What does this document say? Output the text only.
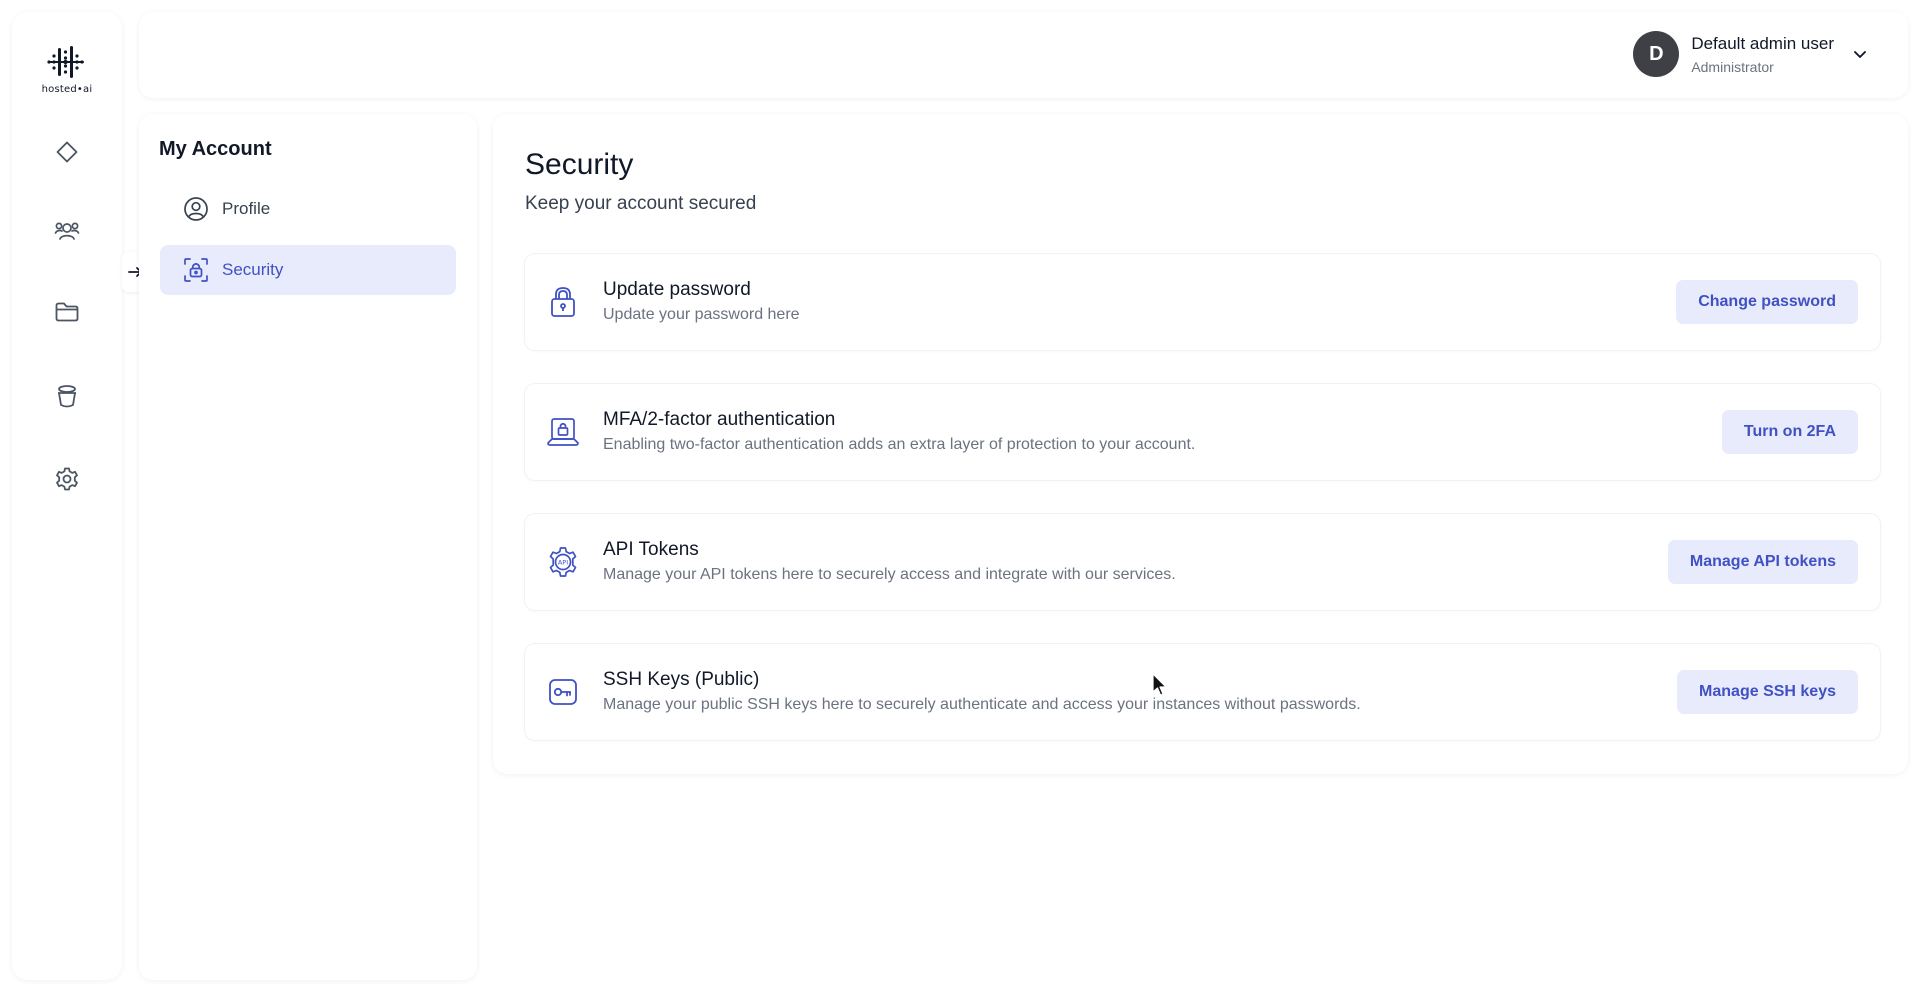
hosted•ai
D	Default admin user
Administrator
My Account
Profile
Security
Security
Keep your account secured
Update password
Update your password here
Change password
MFA/2-factor authentication
Enabling two-factor authentication adds an extra layer of protection to your account.
Turn on 2FA
API
API Tokens
Manage your API tokens here to securely access and integrate with our services.
Manage API tokens
SSH Keys (Public)
Manage your public SSH keys here to securely authenticate and access your instances without passwords.
Manage SSH keys
